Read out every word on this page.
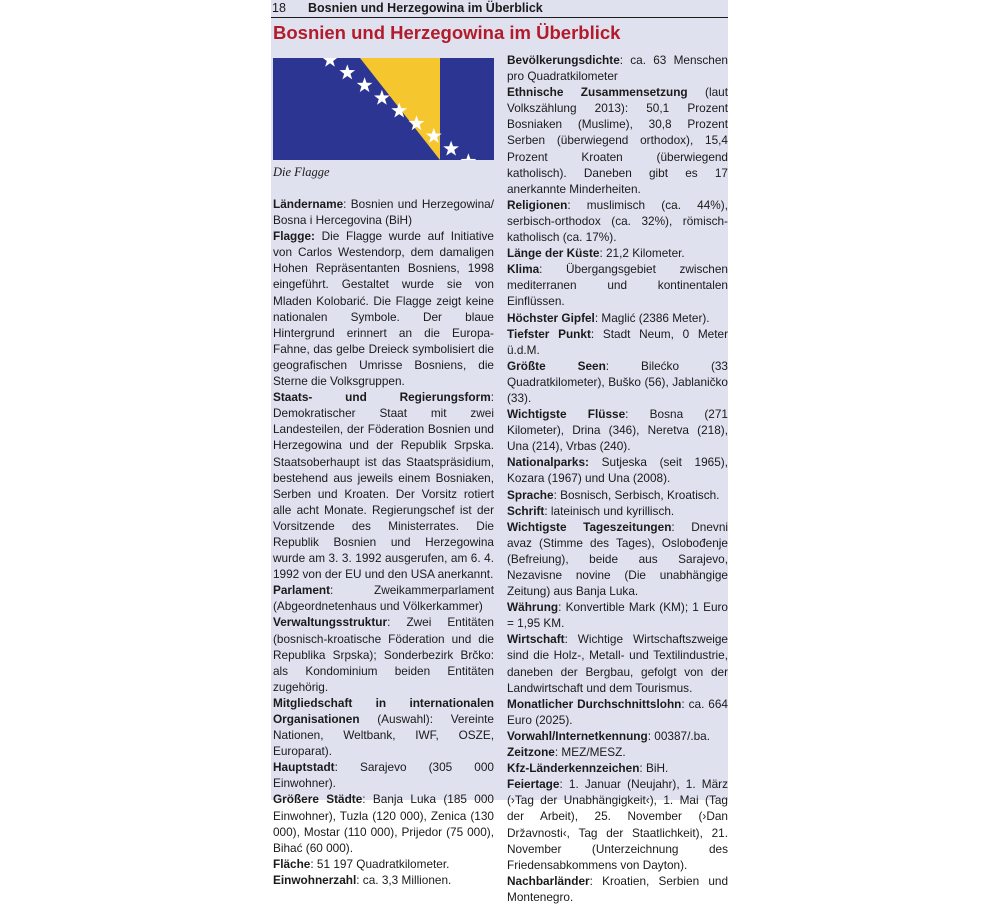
18 Bosnien und Herzegowina im Überblick
Bosnien und Herzegowina im Überblick
Die Flagge

Ländername: Bosnien und Herzegowina/ Bosna i Hercegovina (BiH)

Flagge: Die Flagge wurde auf Initiative von Carlos Westendorp, dem damaligen Hohen Repräsentanten Bosniens, 1998 eingeführt. Gestaltet wurde sie von Mladen Kolobarić. Die Flagge zeigt keine nationalen Symbole. Der blaue Hintergrund erinnert an die Europa-Fahne, das gelbe Dreieck symbolisiert die geografischen Umrisse Bosniens, die Sterne die Volksgruppen.

Staats- und Regierungsform: Demokratischer Staat mit zwei Landesteilen, der Föderation Bosnien und Herzegowina und der Republik Srpska. Staatsoberhaupt ist das Staatspräsidium, bestehend aus jeweils einem Bosniaken, Serben und Kroaten. Der Vorsitz rotiert alle acht Monate. Regierungschef ist der Vorsitzende des Ministerrates. Die Republik Bosnien und Herzegowina wurde am 3. 3. 1992 ausgerufen, am 6. 4. 1992 von der EU und den USA anerkannt.

Parlament: Zweikammerparlament (Abgeordnetenhaus und Völkerkammer)

Verwaltungsstruktur: Zwei Entitäten (bosnisch-kroatische Föderation und die Republika Srpska); Sonderbezirk Brčko: als Kondominium beiden Entitäten zugehörig.

Mitgliedschaft in internationalen Organisationen (Auswahl): Vereinte Nationen, Weltbank, IWF, OSZE, Europarat).

Hauptstadt: Sarajevo (305 000 Einwohner).

Größere Städte: Banja Luka (185 000 Einwohner), Tuzla (120 000), Zenica (130 000), Mostar (110 000), Prijedor (75 000), Bihać (60 000).

Fläche: 51 197 Quadratkilometer.

Einwohnerzahl: ca. 3,3 Millionen.

Bevölkerungsdichte: ca. 63 Menschen pro Quadratkilometer

Ethnische Zusammensetzung (laut Volkszählung 2013): 50,1 Prozent Bosniaken (Muslime), 30,8 Prozent Serben (überwiegend orthodox), 15,4 Prozent Kroaten (überwiegend katholisch). Daneben gibt es 17 anerkannte Minderheiten.

Religionen: muslimisch (ca. 44%), serbisch-orthodox (ca. 32%), römisch-katholisch (ca. 17%).

Länge der Küste: 21,2 Kilometer.

Klima: Übergangsgebiet zwischen mediterranen und kontinentalen Einflüssen.

Höchster Gipfel: Maglić (2386 Meter).

Tiefster Punkt: Stadt Neum, 0 Meter ü.d.M.

Größte Seen: Bilećko (33 Quadratkilometer), Buško (56), Jablaničko (33).

Wichtigste Flüsse: Bosna (271 Kilometer), Drina (346), Neretva (218), Una (214), Vrbas (240).

Nationalparks: Sutjeska (seit 1965), Kozara (1967) und Una (2008).

Sprache: Bosnisch, Serbisch, Kroatisch.

Schrift: lateinisch und kyrillisch.

Wichtigste Tageszeitungen: Dnevni avaz (Stimme des Tages), Oslobođenje (Befreiung), beide aus Sarajevo, Nezavisne novine (Die unabhängige Zeitung) aus Banja Luka.

Währung: Konvertible Mark (KM); 1 Euro = 1,95 KM.

Wirtschaft: Wichtige Wirtschaftszweige sind die Holz-, Metall- und Textilindustrie, daneben der Bergbau, gefolgt von der Landwirtschaft und dem Tourismus.

Monatlicher Durchschnittslohn: ca. 664 Euro (2025).

Vorwahl/Internetkennung: 00387/.ba.

Zeitzone: MEZ/MESZ.

Kfz-Länderkennzeichen: BiH.

Feiertage: 1. Januar (Neujahr), 1. März (›Tag der Unabhängigkeit‹), 1. Mai (Tag der Arbeit), 25. November (›Dan Državnosti‹, Tag der Staatlichkeit), 21. November (Unterzeichnung des Friedensabkommens von Dayton).

Nachbarländer: Kroatien, Serbien und Montenegro.
